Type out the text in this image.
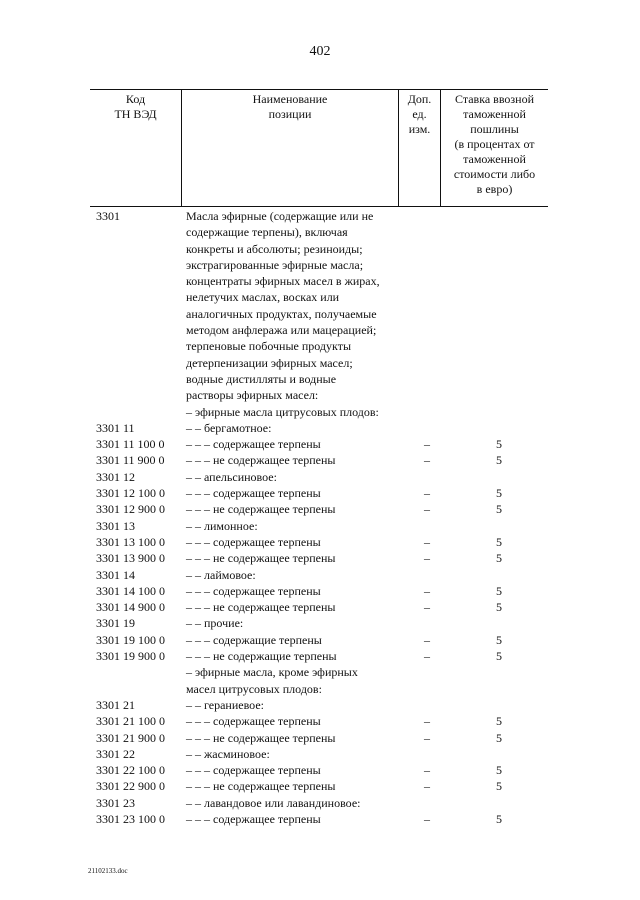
402
Код
ТН ВЭД
Наименование
позиции
Доп.
ед.
изм.
Ставка ввозной
таможенной
пошлины
(в процентах от
таможенной
стоимости либо
в евро)
3301	Масла эфирные (содержащие или не
содержащие терпены), включая
конкреты и абсолюты; резиноиды;
экстрагированные эфирные масла;
концентраты эфирных масел в жирах,
нелетучих маслах, восках или
аналогичных продуктах, получаемые
методом анфлеража или мацерацией;
терпеновые побочные продукты
детерпенизации эфирных масел;
водные дистилляты и водные
растворы эфирных масел:
– эфирные масла цитрусовых плодов:
3301 11	– – бергамотное:
3301 11 100 0 – – – содержащее терпены	–	5
3301 11 900 0 – – – не содержащее терпены	–	5
3301 12	– – апельсиновое:
3301 12 100 0 – – – содержащее терпены	–	5
3301 12 900 0 – – – не содержащее терпены	–	5
3301 13	– – лимонное:
3301 13 100 0 – – – содержащее терпены	–	5
3301 13 900 0 – – – не содержащее терпены	–	5
3301 14	– – лаймовое:
3301 14 100 0 – – – содержащее терпены	–	5
3301 14 900 0 – – – не содержащее терпены	–	5
3301 19	– – прочие:
3301 19 100 0 – – – содержащие терпены	–	5
3301 19 900 0 – – – не содержащие терпены	–	5
– эфирные масла, кроме эфирных
масел цитрусовых плодов:
3301 21	– – гераниевое:
3301 21 100 0 – – – содержащее терпены	–	5
3301 21 900 0 – – – не содержащее терпены	–	5
3301 22	– – жасминовое:
3301 22 100 0 – – – содержащее терпены	–	5
3301 22 900 0 – – – не содержащее терпены	–	5
3301 23	– – лавандовое или лавандиновое:
3301 23 100 0 – – – содержащее терпены	–	5
21102133.doc
